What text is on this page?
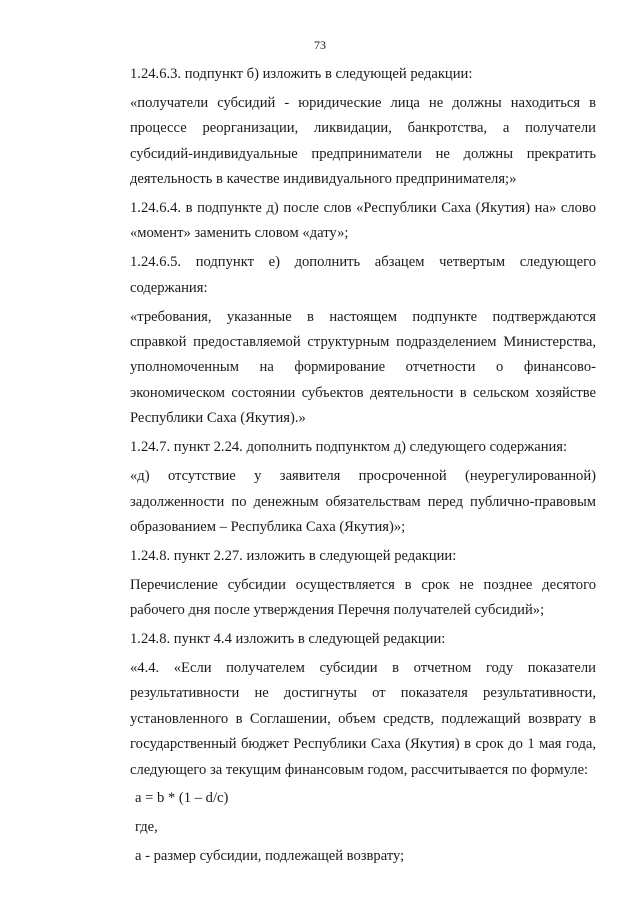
73

1.24.6.3. подпункт б) изложить в следующей редакции:

«получатели субсидий - юридические лица не должны находиться в процессе реорганизации, ликвидации, банкротства, а получатели субсидий-индивидуальные предприниматели не должны прекратить деятельность в качестве индивидуального предпринимателя;»

1.24.6.4. в подпункте д) после слов «Республики Саха (Якутия) на» слово «момент» заменить словом «дату»;

1.24.6.5. подпункт е) дополнить абзацем четвертым следующего содержания:

«требования, указанные в настоящем подпункте подтверждаются справкой предоставляемой структурным подразделением Министерства, уполномоченным на формирование отчетности о финансово-экономическом состоянии субъектов деятельности в сельском хозяйстве Республики Саха (Якутия).»

1.24.7. пункт 2.24. дополнить подпунктом д) следующего содержания:

«д) отсутствие у заявителя просроченной (неурегулированной) задолженности по денежным обязательствам перед публично-правовым образованием – Республика Саха (Якутия)»;

1.24.8. пункт 2.27. изложить в следующей редакции:

Перечисление субсидии осуществляется в срок не позднее десятого рабочего дня после утверждения Перечня получателей субсидий»;

1.24.8. пункт 4.4 изложить в следующей редакции:

«4.4. «Если получателем субсидии в отчетном году показатели результативности не достигнуты от показателя результативности, установленного в Соглашении, объем средств, подлежащий возврату в государственный бюджет Республики Саха (Якутия) в срок до 1 мая года, следующего за текущим финансовым годом, рассчитывается по формуле:

a = b * (1 – d/c)

где,

a - размер субсидии, подлежащей возврату;
